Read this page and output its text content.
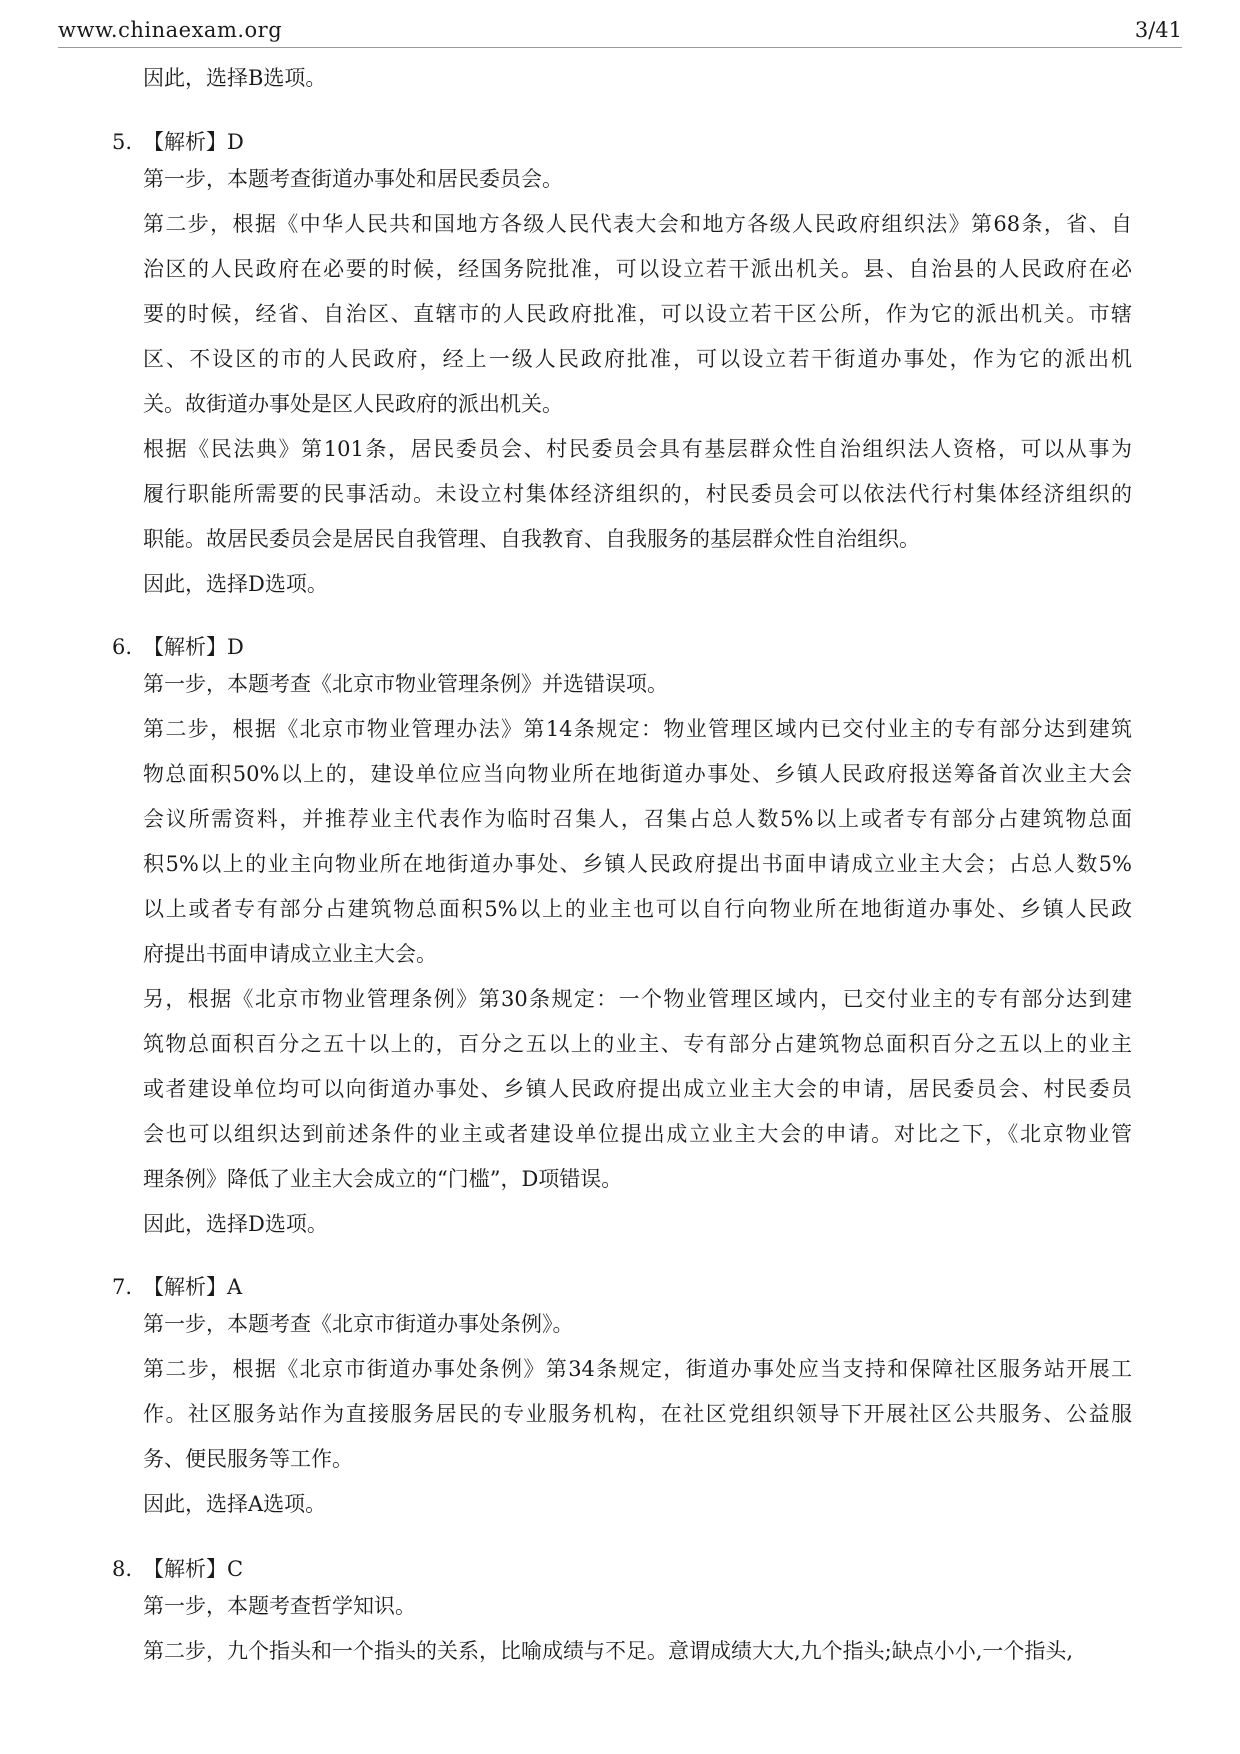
www.chinaexam.org	3/41
因此，选择B选项。
5. 【解析】D
第一步，本题考查街道办事处和居民委员会。
第二步，根据《中华人民共和国地方各级人民代表大会和地方各级人民政府组织法》第68条，省、自
治区的人民政府在必要的时候，经国务院批准，可以设立若干派出机关。县、自治县的人民政府在必
要的时候，经省、自治区、直辖市的人民政府批准，可以设立若干区公所，作为它的派出机关。市辖
区、不设区的市的人民政府，经上一级人民政府批准，可以设立若干街道办事处，作为它的派出机
关。故街道办事处是区人民政府的派出机关。
根据《民法典》第101条，居民委员会、村民委员会具有基层群众性自治组织法人资格，可以从事为
履行职能所需要的民事活动。未设立村集体经济组织的，村民委员会可以依法代行村集体经济组织的
职能。故居民委员会是居民自我管理、自我教育、自我服务的基层群众性自治组织。
因此，选择D选项。
6. 【解析】D
第一步，本题考查《北京市物业管理条例》并选错误项。
第二步，根据《北京市物业管理办法》第14条规定：物业管理区域内已交付业主的专有部分达到建筑
物总面积50%以上的，建设单位应当向物业所在地街道办事处、乡镇人民政府报送筹备首次业主大会
会议所需资料，并推荐业主代表作为临时召集人，召集占总人数5%以上或者专有部分占建筑物总面
积5%以上的业主向物业所在地街道办事处、乡镇人民政府提出书面申请成立业主大会；占总人数5%
以上或者专有部分占建筑物总面积5%以上的业主也可以自行向物业所在地街道办事处、乡镇人民政
府提出书面申请成立业主大会。
另，根据《北京市物业管理条例》第30条规定：一个物业管理区域内，已交付业主的专有部分达到建
筑物总面积百分之五十以上的，百分之五以上的业主、专有部分占建筑物总面积百分之五以上的业主
或者建设单位均可以向街道办事处、乡镇人民政府提出成立业主大会的申请，居民委员会、村民委员
会也可以组织达到前述条件的业主或者建设单位提出成立业主大会的申请。对比之下，《北京物业管
理条例》降低了业主大会成立的“门槛”，D项错误。
因此，选择D选项。
7. 【解析】A
第一步，本题考查《北京市街道办事处条例》。
第二步，根据《北京市街道办事处条例》第34条规定，街道办事处应当支持和保障社区服务站开展工
作。社区服务站作为直接服务居民的专业服务机构，在社区党组织领导下开展社区公共服务、公益服
务、便民服务等工作。
因此，选择A选项。
8. 【解析】C
第一步，本题考查哲学知识。
第二步，九个指头和一个指头的关系，比喻成绩与不足。意谓成绩大大,九个指头;缺点小小,一个指头,
